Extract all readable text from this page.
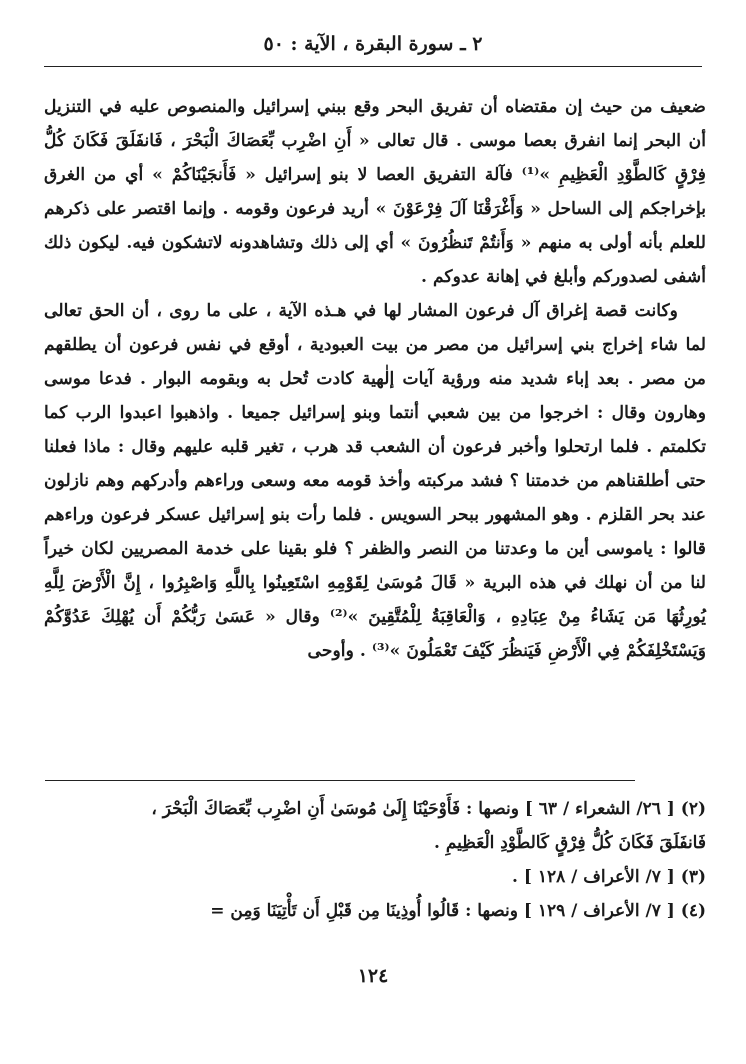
٢ ـ سورة البقرة ، الآية : ٥٠

ضعيف من حيث إن مقتضاه أن تفريق البحر وقع ببني إسرائيل والمنصوص عليه في التنزيل أن البحر إنما انفرق بعصا موسى . قال تعالى « أَنِ اضْرِب بِّعَصَاكَ الْبَحْرَ ، فَانفَلَقَ فَكَانَ كُلُّ فِرْقٍ كَالطَّوْدِ الْعَظِيمِ »⁽¹⁾ فآلة التفريق العصا لا بنو إسرائيل « فَأَنجَيْنَاكُمْ » أي من الغرق بإخراجكم إلى الساحل « وَأَغْرَقْنَا آلَ فِرْعَوْنَ » أريد فرعون وقومه . وإنما اقتصر على ذكرهم للعلم بأنه أولى به منهم « وَأَنتُمْ تَنظُرُونَ » أي إلى ذلك وتشاهدونه لاتشكون فيه. ليكون ذلك أشفى لصدوركم وأبلغ في إهانة عدوكم .

وكانت قصة إغراق آل فرعون المشار لها في هـذه الآية ، على ما روى ، أن الحق تعالى لما شاء إخراج بني إسرائيل من مصر من بيت العبودية ، أوقع في نفس فرعون أن يطلقهم من مصر . بعد إباء شديد منه ورؤية آيات إلٰهية كادت تُحل به وبقومه البوار . فدعا موسى وهارون وقال : اخرجوا من بين شعبي أنتما وبنو إسرائيل جميعا . واذهبوا اعبدوا الرب كما تكلمتم . فلما ارتحلوا وأخبر فرعون أن الشعب قد هرب ، تغير قلبه عليهم وقال : ماذا فعلنا حتى أطلقناهم من خدمتنا ؟ فشد مركبته وأخذ قومه معه وسعى وراءهم وأدركهم وهم نازلون عند بحر القلزم . وهو المشهور ببحر السويس . فلما رأت بنو إسرائيل عسكر فرعون وراءهم قالوا : ياموسى أين ما وعدتنا من النصر والظفر ؟ فلو بقينا على خدمة المصريين لكان خيراً لنا من أن نهلك في هذه البرية « قَالَ مُوسَىٰ لِقَوْمِهِ اسْتَعِينُوا بِاللَّهِ وَاصْبِرُوا ، إِنَّ الْأَرْضَ لِلَّهِ يُورِثُهَا مَن يَشَاءُ مِنْ عِبَادِهِ ، وَالْعَاقِبَةُ لِلْمُتَّقِينَ »⁽²⁾ وقال « عَسَىٰ رَبُّكُمْ أَن يُهْلِكَ عَدُوَّكُمْ وَيَسْتَخْلِفَكُمْ فِي الْأَرْضِ فَيَنظُرَ كَيْفَ تَعْمَلُونَ »⁽³⁾ . وأوحى

(٢) [ ٢٦/ الشعراء / ٦٣ ] ونصها : فَأَوْحَيْنَا إِلَىٰ مُوسَىٰ أَنِ اضْرِب بِّعَصَاكَ الْبَحْرَ ،

فَانفَلَقَ فَكَانَ كُلُّ فِرْقٍ كَالطَّوْدِ الْعَظِيمِ .

(٣) [ ٧/ الأعراف / ١٢٨ ] .

(٤) [ ٧/ الأعراف / ١٢٩ ] ونصها : قَالُوا أُوذِينَا مِن قَبْلِ أَن تَأْتِيَنَا وَمِن =

١٢٤
